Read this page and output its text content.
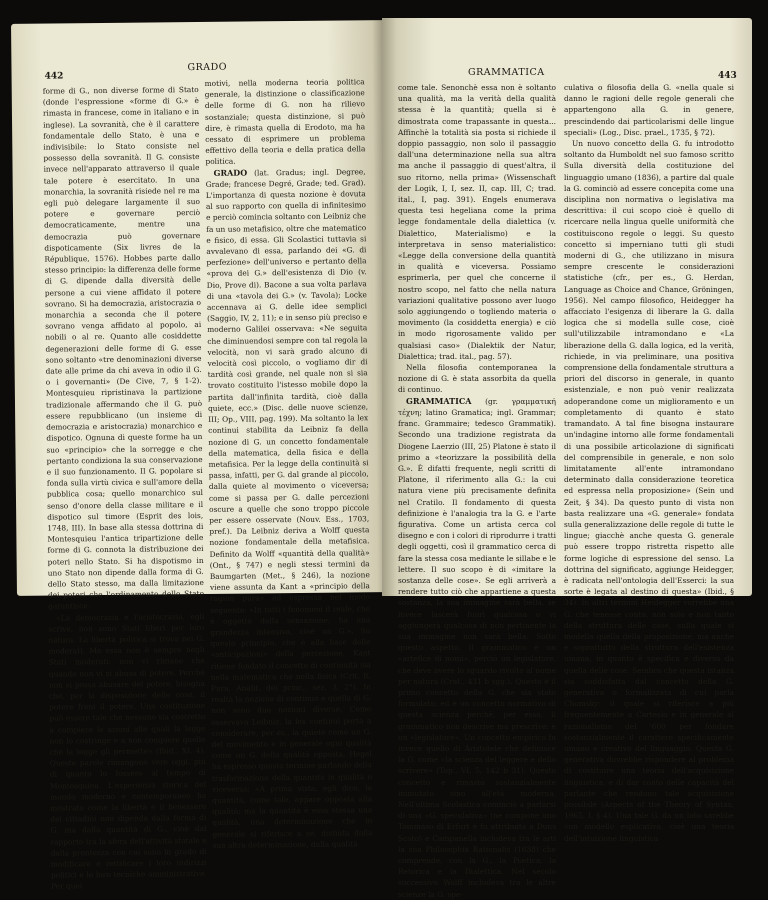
442
GRADO

forme di G., non diverse forme di Stato (donde l'espressione «forme di G.» è rimasta in francese, come in italiano e in inglese). La sovranità, che è il carattere fondamentale dello Stato, è una e indivisibile: lo Stato consiste nel possesso della sovranità. Il G. consiste invece nell'apparato attraverso il quale tale potere è esercitato. In una monarchia, la sovranità risiede nel re ma egli può delegare largamente il suo potere e governare perciò democraticamente, mentre una democrazia può governare dispoticamente (Six livres de la République, 1576). Hobbes parte dallo stesso principio: la differenza delle forme di G. dipende dalla diversità delle persone a cui viene affidato il potere sovrano. Si ha democrazia, aristocrazia o monarchia a seconda che il potere sovrano venga affidato al popolo, ai nobili o al re. Quanto alle cosiddette degenerazioni delle forme di G. esse sono soltanto «tre denominazioni diverse date alle prime da chi aveva in odio il G. o i governanti» (De Cive, 7, § 1-2). Montesquieu ripristinava la partizione tradizionale affermando che il G. può essere repubblicano (un insieme di democrazia e aristocrazia) monarchico e dispotico. Ognuna di queste forme ha un suo «principio» che la sorregge e che pertanto condiziona la sua conservazione e il suo funzionamento. Il G. popolare si fonda sulla virtù civica e sull'amore della pubblica cosa; quello monarchico sul senso d'onore della classe militare e il dispotico sul timore (Esprit des lois, 1748, III). In base alla stessa dottrina di Montesquieu l'antica tripartizione delle forme di G. connota la distribuzione dei poteri nello Stato. Si ha dispotismo in uno Stato non dipende dalla forma di G. dello Stato stesso, ma dalla limitazione dei poteri che l'ordinamento dello Stato garantisce.

«La democrazia e l'aristocrazia, egli scrive, non sono Stati liberi per loro natura. La libertà politica si trova nei G. moderati. Ma essa non è sempre negli Stati moderati: non vi rimane che quando non vi si abusa di potere. Perché non si possa abusare del potere, bisogna che, per la disposizione delle cose, il potere freni il potere. Una costituzione può essere tale che nessuno sia costretto a compiere le azioni alle quali la legge non lo costringe e a non compiere quelle che la legge gli permette» (Ibid., XI, 4). Queste parole rimangono vere oggi, più di quanto lo fossero al tempo di Montesquieu. L'esperienza storica del mondo moderno e contemporaneo ha mostrato come la libertà e il benessere dei cittadini non dipenda dalla forma di G. ma dalla quantità di G., cioè dal rapporto tra la sfera dell'attività statale e dalla prontezza con cui sono in grado di modificare e rettificare i loro indirizzi politici e le loro tecniche amministrative. Per quei

motivi, nella moderna teoria politica generale, la distinzione o classificazione delle forme di G. non ha rilievo sostanziale; questa distinzione, si può dire, è rimasta quella di Erodoto, ma ha cessato di esprimere un problema effettivo della teoria e della pratica della politica.

GRADO (lat. Gradus; ingl. Degree, Grade; francese Degré, Grade; ted. Grad). L'importanza di questa nozione è dovuta al suo rapporto con quella di infinitesimo e perciò comincia soltanto con Leibniz che fa un uso metafisico, oltre che matematico e fisico, di essa. Gli Scolastici tuttavia si avvalevano di essa, parlando dei «G. di perfezione» dell'universo e pertanto della «prova dei G.» dell'esistenza di Dio (v. Dio, Prove di). Bacone a sua volta parlava di una «tavola dei G.» (v. Tavola); Locke accennava ai G. delle idee semplici (Saggio, IV, 2, 11); e in senso più preciso e moderno Galilei osservava: «Ne seguita che diminuendosi sempre con tal regola la velocità, non vi sarà grado alcuno di velocità così piccolo, o vogliamo dir di tardità così grande, nel quale non si sia trovato costituito l'istesso mobile dopo la partita dall'infinita tardità, cioè dalla quiete, ecc.» (Disc. delle nuove scienze, III; Op., VIII, pag. 199). Ma soltanto la lex continui stabilita da Leibniz fa della nozione di G. un concetto fondamentale della matematica, della fisica e della metafisica. Per la legge della continuità si passa, infatti, per G. dal grande al piccolo, dalla quiete al movimento o viceversa; come si passa per G. dalle percezioni oscure a quelle che sono troppo piccole per essere osservate (Nouv. Ess., 1703, pref.). Da Leibniz deriva a Wolff questa nozione fondamentale della metafisica. Definito da Wolff «quantità della qualità» (Ont., § 747) e negli stessi termini da Baumgarten (Met., § 246), la nozione viene assunta da Kant a «principio della ragion pura» ed espressa nel modo seguente: «In tutti i fenomeni il reale, che è oggetto della sensazione, ha una grandezza intensiva, cioè un G.». Su questo principio, che è alla base delle «anticipazioni» della percezione, Kant ritiene fondato il concetto di continuità sia nella matematica che nella fisica (Crit. R. Pura, Analit. dei princ., sez. 3, 2°). In realtà la nozione di continuo e quella di G. non sono due nozioni diverse. Come osservava Leibniz, la lex continui porta a considerare, per es., la quiete come un G. del movimento e in generale ogni qualità come un G. della qualità opposta. Hegel ha espresso questo termine parlando della trasformazione della quantità in qualità o viceversa: «A prima vista, egli dice, la quantità, come tale, appare opposta alla qualità; ma la quantità è essa stessa una qualità, una determinazione che in generale si riferisce a sé, distinta dalla sua altra determinazione, dalla qualità

GRAMMATICA	443

come tale. Senonchè essa non è soltanto una qualità, ma la verità della qualità stessa è la quantità; quella si è dimostrata come trapassante in questa... Affinchè la totalità sia posta si richiede il doppio passaggio, non solo il passaggio dall'una determinazione nella sua altra ma anche il passaggio di quest'altra, il suo ritorno, nella prima» (Wissenschaft der Logik, I, I, sez. II, cap. III, C; trad. ital., I, pag. 391). Engels enumerava questa tesi hegeliana come la prima legge fondamentale della dialettica (v. Dialettico, Materialismo) e la interpretava in senso materialistico: «Legge della conversione della quantità in qualità e viceversa. Possiamo esprimerla, per quel che concerne il nostro scopo, nel fatto che nella natura variazioni qualitative possono aver luogo solo aggiungendo o togliendo materia o movimento (la cosiddetta energia) e ciò in modo rigorosamente valido per qualsiasi caso» (Dialektik der Natur, Dialettica; trad. ital., pag. 57).

Nella filosofia contemporanea la nozione di G. è stata assorbita da quella di continuo.

GRAMMATICA (gr. γραμματική τέχνη; latino Gramatica; ingl. Grammar; franc. Grammaire; tedesco Grammatik). Secondo una tradizione registrata da Diogene Laerzio (III, 25) Platone è stato il primo a «teorizzare la possibilità della G.». È difatti frequente, negli scritti di Platone, il riferimento alla G.: la cui natura viene più precisamente definita nel Cratilo. Il fondamento di questa definizione è l'analogia tra la G. e l'arte figurativa. Come un artista cerca col disegno e con i colori di riprodurre i tratti degli oggetti, così il grammatico cerca di fare la stessa cosa mediante le sillabe e le lettere. Il suo scopo è di «imitare la sostanza delle cose». Se egli arriverà a rendere tutto ciò che appartiene a questa sostanza, la sua immagine sarà bella, se invece lascerà fuori qualcosa o vi aggiungerà qualcosa di non pertinente la sua immagine non sarà bella. Sotto questo aspetto, il grammatico è un «artefice di nomi», perciò un legislatore, che deve avere lo sguardo rivolto al nome per natura (Crat., 431 b sgg.). Questo è il primo concetto della G. che sia stato formulato; ed è un concetto normativo di questa scienza perchè, per esso, il grammatico non descrive ma prescrive: è un «legislatore». Un concetto empirico fu invece quello di Aristotele che definisce la G. come «la scienza del leggere e dello scrivere» (Top., VI, 5, 142 b 31). Questo concetto è rimasto sostanzialmente immutato sino all'età moderna. Nell'ultima Scolastica cominciò a parlarsi di una «G. speculativa» (ne compone uno Tommaso di Erfurt e fu attribuita a Duns Scoto) e Campanella includeva tra le arti la sua Philosophia Rationalis (1638) che comprende, con la G., la Poetica, la Retorica e la Dialettica. Nel secolo successivo Wolff includeva tra le altre scienze la G. spe-

culativa o filosofia della G. «nella quale si danno le ragioni delle regole generali che appartengono alla G. in genere, prescindendo dai particolarismi delle lingue speciali» (Log., Disc. prael., 1735, § 72).

Un nuovo concetto della G. fu introdotto soltanto da Humboldt nel suo famoso scritto Sulla diversità della costituzione del linguaggio umano (1836), a partire dal quale la G. cominciò ad essere concepita come una disciplina non normativa o legislativa ma descrittiva: il cui scopo cioè è quello di ricercare nella lingua quelle uniformità che costituiscono regole o leggi. Su questo concetto si imperniano tutti gli studi moderni di G., che utilizzano in misura sempre crescente le considerazioni statistiche (cfr., per es., G. Herdan, Language as Choice and Chance, Gröningen, 1956). Nel campo filosofico, Heidegger ha affacciato l'esigenza di liberare la G. dalla logica che si modella sulle cose, cioè sull'utilizzabile intramondano e «La liberazione della G. dalla logica, ed la verità, richiede, in via preliminare, una positiva comprensione della fondamentale struttura a priori del discorso in generale, in quanto esistenziale, e non può venir realizzata adoperandone come un miglioramento e un completamento di quanto è stato tramandato. A tal fine bisogna instaurare un'indagine intorno alle forme fondamentali di una possibile articolazione di significati del comprensibile in generale, e non solo limitatamente all'ente intramondano determinato dalla considerazione teoretica ed espressa nella proposizione» (Sein und Zeit, § 34). Da questo punto di vista non basta realizzare una «G. generale» fondata sulla generalizzazione delle regole di tutte le lingue; giacchè anche questa G. generale può essere troppo ristretta rispetto alle forme logiche di espressione del senso. La dottrina del significato, aggiunge Heidegger, è radicata nell'ontologia dell'Esserci: la sua sorte è legata al destino di questa» (Ibid., § 34). In altri termini Heidegger vorrebbe una G. che tenesse conto, non solo e non tanto della struttura delle cose, sulla quale si modella quella della proposizione, ma anche e soprattutto della struttura dell'esistenza umana, in quanto è specifica e diversa da quella delle cose. Sembra che questa istanza sia soddisfatta dal concetto della G. generativa o formalizzata di cui parla Chomsky: il quale si riferisce a più frequentemente a Cartesio e in generale al razionalismo del '600 per fondare sostanzialmente il carattere specificamente umano e creativo del linguaggio. Questa G. generativa dovrebbe rispondere al problema di costituire una teoria dell'acquisizione linguistica, e di dar conto delle capacità del parlante che rendono tale acquisizione possibile (Aspects of the Theory of Syntax, 1965, I, § 4). Una tale G. da un lato sarebbe «un modello esplicativo, cioè una teoria dell'intuizione linguistica
